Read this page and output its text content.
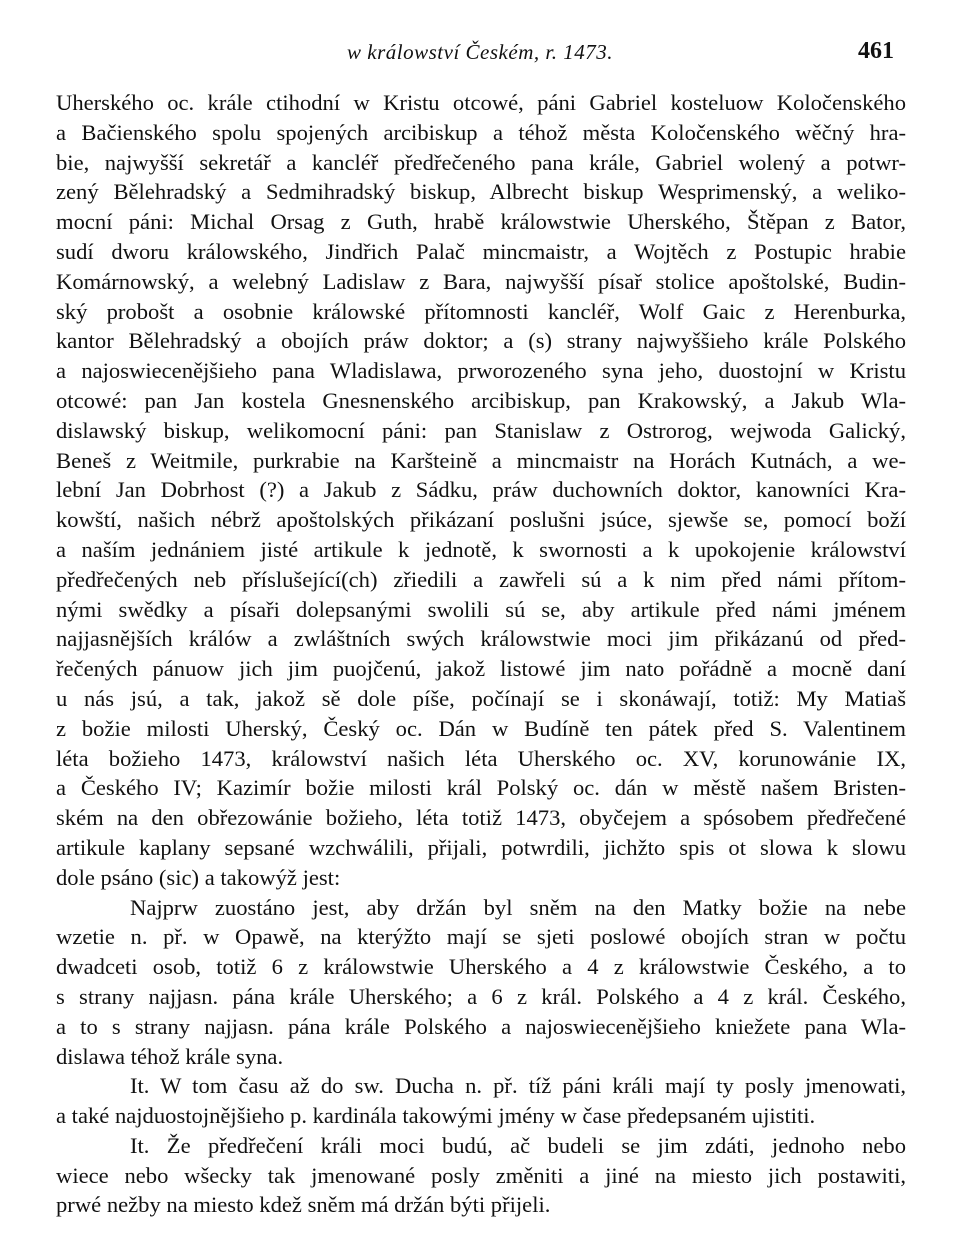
w králowství Českém, r. 1473.	461
Uherského oc. krále ctihodní w Kristu otcowé, páni Gabriel kosteluow Koločenského
a Bačienského spolu spojených arcibiskup a téhož města Koločenského wěčný hra-
bie, najwyšší sekretář a kancléř předřečeného pana krále, Gabriel wolený a potwr-
zený Bělehradský a Sedmihradský biskup, Albrecht biskup Wesprimenský, a weliko-
mocní páni: Michal Orsag z Guth, hrabě králowstwie Uherského, Štěpan z Bator,
sudí dworu králowského, Jindřich Palač mincmaistr, a Wojtěch z Postupic hrabie
Komárnowský, a welebný Ladislaw z Bara, najwyšší písař stolice apoštolské, Budin-
ský probošt a osobnie králowské přítomnosti kancléř, Wolf Gaic z Herenburka,
kantor Bělehradský a obojích práw doktor; a (s) strany najwyššieho krále Polského
a najoswiecenějšieho pana Wladislawa, prworozeného syna jeho, duostojní w Kristu
otcowé: pan Jan kostela Gnesnenského arcibiskup, pan Krakowský, a Jakub Wla-
dislawský biskup, welikomocní páni: pan Stanislaw z Ostrorog, wejwoda Galický,
Beneš z Weitmile, purkrabie na Karšteině a mincmaistr na Horách Kutnách, a we-
lební Jan Dobrhost (?) a Jakub z Sádku, práw duchowních doktor, kanowníci Kra-
kowští, našich nébrž apoštolských přikázaní poslušni jsúce, sjewše se, pomocí boží
a naším jednániem jisté artikule k jednotě, k swornosti a k upokojenie králowství
předřečených neb příslušející(ch) zřiedili a zawřeli sú a k nim před námi přítom-
nými swědky a písaři dolepsanými swolili sú se, aby artikule před námi jménem
najjasnějších králów a zwláštních swých králowstwie moci jim přikázanú od před-
řečených pánuow jich jim puojčenú, jakož listowé jim nato pořádně a mocně daní
u nás jsú, a tak, jakož sě dole píše, počínají se i skonáwají, totiž: My Matiaš
z božie milosti Uherský, Český oc. Dán w Budíně ten pátek před S. Valentinem
léta božieho 1473, králowství našich léta Uherského oc. XV, korunowánie IX,
a Českého IV; Kazimír božie milosti král Polský oc. dán w městě našem Bristen-
ském na den obřezowánie božieho, léta totiž 1473, obyčejem a spósobem předřečené
artikule kaplany sepsané wzchwálili, přijali, potwrdili, jichžto spis ot slowa k slowu
dole psáno (sic) a takowýž jest:
Najprw zuostáno jest, aby držán byl sněm na den Matky božie na nebe
wzetie n. př. w Opawě, na kterýžto mají se sjeti poslowé obojích stran w počtu
dwadceti osob, totiž 6 z králowstwie Uherského a 4 z králowstwie Českého, a to
s strany najjasn. pána krále Uherského; a 6 z král. Polského a 4 z král. Českého,
a to s strany najjasn. pána krále Polského a najoswiecenějšieho kniežete pana Wla-
dislawa téhož krále syna.
It. W tom času až do sw. Ducha n. př. tíž páni králi mají ty posly jmenowati,
a také najduostojnějšieho p. kardinála takowými jmény w čase předepsaném ujistiti.
It. Že předřečení králi moci budú, ač budeli se jim zdáti, jednoho nebo
wiece nebo wšecky tak jmenowané posly změniti a jiné na miesto jich postawiti,
prwé nežby na miesto kdež sněm má držán býti přijeli.
